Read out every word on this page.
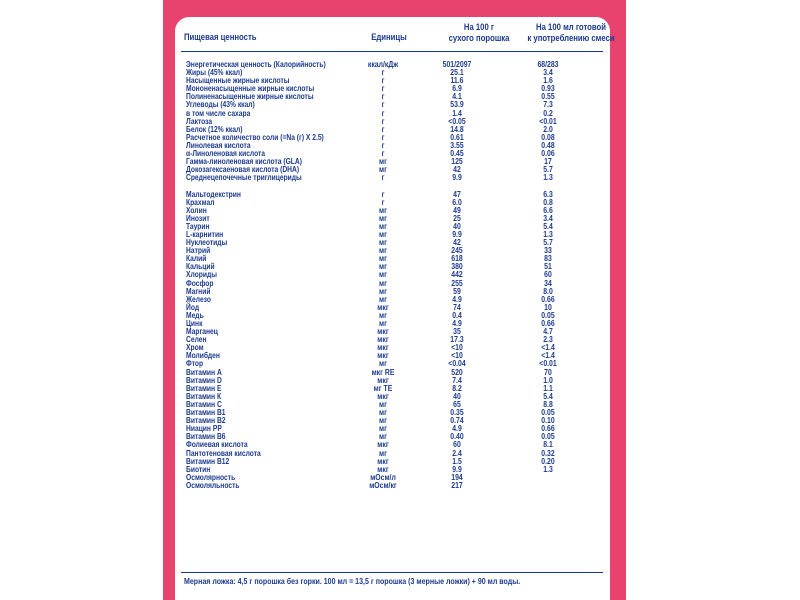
Пищевая ценность	Единицы
На 100 г
сухого порошка
На 100 мл готовой
к употреблению смеси
Энергетическая ценность (Калорийность)	ккал/кДж	501/2097	68/283
Жиры (45% ккал)	г	25.1	3.4
Насыщенные жирные кислоты	г	11.6	1.6
Мононенасыщенные жирные кислоты	г	6.9	0.93
Полиненасыщенные жирные кислоты	г	4.1	0.55
Углеводы (43% ккал)	г	53.9	7.3
в том числе сахара	г	1.4	0.2
Лактоза	г	<0.05	<0.01
Белок (12% ккал)	г	14.8	2.0
Расчетное количество соли (=Na (г) X 2.5)	г	0.61	0.08
Линолевая кислота	г	3.55	0.48
α-Линоленовая кислота	г	0.45	0.06
Гамма-линоленовая кислота (GLA)	мг	125	17
Докозагексаеновая кислота (DHA)	мг	42	5.7
Среднецепочечные триглицериды	г	9.9	1.3
Мальтодекстрин	г	47	6.3
Крахмал	г	6.0	0.8
Холин	мг	49	6.6
Инозит	мг	25	3.4
Таурин	мг	40	5.4
L-карнитин	мг	9.9	1.3
Нуклеотиды	мг	42	5.7
Натрий	мг	245	33
Калий	мг	618	83
Кальций	мг	380	51
Хлориды	мг	442	60
Фосфор	мг	255	34
Магний	мг	59	8.0
Железо	мг	4.9	0.66
Йод	мкг	74	10
Медь	мг	0.4	0.05
Цинк	мг	4.9	0.66
Марганец	мкг	35	4.7
Селен	мкг	17.3	2.3
Хром	мкг	<10	<1.4
Молибден	мкг	<10	<1.4
Фтор	мг	<0.04	<0.01
Витамин А	мкг RE	520	70
Витамин D	мкг	7.4	1.0
Витамин Е	мг ТЕ	8.2	1.1
Витамин К	мкг	40	5.4
Витамин С	мг	65	8.8
Витамин В1	мг	0.35	0.05
Витамин В2	мг	0.74	0.10
Ниацин РР	мг	4.9	0.66
Витамин В6	мг	0.40	0.05
Фолиевая кислота	мкг	60	8.1
Пантотеновая кислота	мг	2.4	0.32
Витамин В12	мкг	1.5	0.20
Биотин	мкг	9.9	1.3
Осмолярность	мОсм/л	194
Осмоляльность	мОсм/кг	217
Мерная ложка: 4,5 г порошка без горки. 100 мл = 13,5 г порошка (3 мерные ложки) + 90 мл воды.
